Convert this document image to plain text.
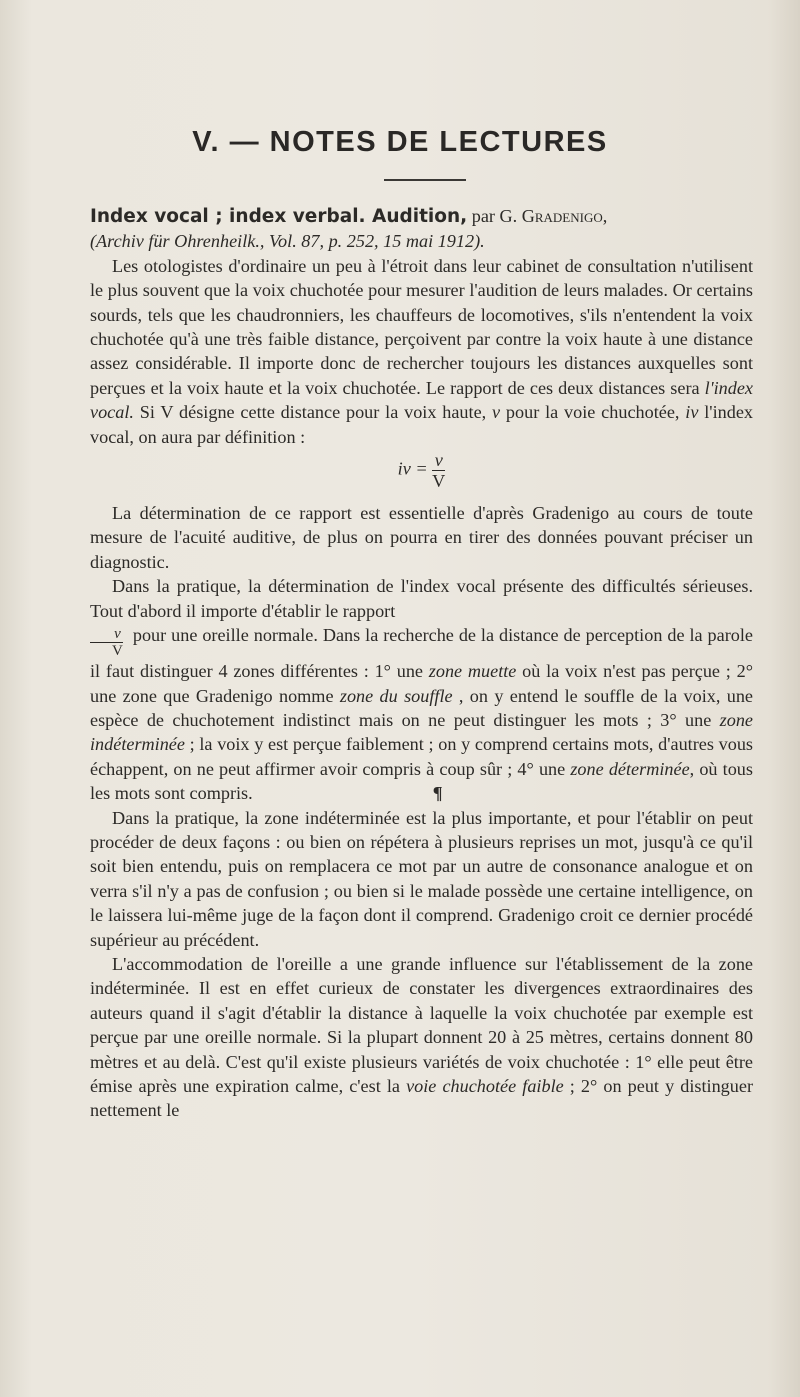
V. — NOTES DE LECTURES

Index vocal ; index verbal. Audition, par G. Gradenigo,
(Archiv für Ohrenheilk., Vol. 87, p. 252, 15 mai 1912).

Les otologistes d'ordinaire un peu à l'étroit dans leur cabinet de consultation n'utilisent le plus souvent que la voix chuchotée pour mesurer l'audition de leurs malades. Or certains sourds, tels que les chaudronniers, les chauffeurs de locomotives, s'ils n'entendent la voix chuchotée qu'à une très faible distance, perçoivent par contre la voix haute à une distance assez considérable. Il importe donc de rechercher toujours les distances auxquelles sont perçues et la voix haute et la voix chuchotée. Le rapport de ces deux distances sera l'index vocal. Si V désigne cette distance pour la voix haute, v pour la voie chuchotée, iv l'index vocal, on aura par définition :

iv = $\frac{v}{V}$

La détermination de ce rapport est essentielle d'après Gradenigo au cours de toute mesure de l'acuité auditive, de plus on pourra en tirer des données pouvant préciser un diagnostic.

Dans la pratique, la détermination de l'index vocal présente des difficultés sérieuses. Tout d'abord il importe d'établir le rapport

$\frac{v}{V}$ pour une oreille normale. Dans la recherche de la distance de perception de la parole il faut distinguer 4 zones différentes : 1° une zone muette où la voix n'est pas perçue ; 2° une zone que Gradenigo nomme zone du souffle , on y entend le souffle de la voix, une espèce de chuchotement indistinct mais on ne peut distinguer les mots ; 3° une zone indéterminée ; la voix y est perçue faiblement ; on y comprend certains mots, d'autres vous échappent, on ne peut affirmer avoir compris à coup sûr ; 4° une zone déterminée, où tous les mots sont compris.	¶

Dans la pratique, la zone indéterminée est la plus importante, et pour l'établir on peut procéder de deux façons : ou bien on répétera à plusieurs reprises un mot, jusqu'à ce qu'il soit bien entendu, puis on remplacera ce mot par un autre de consonance analogue et on verra s'il n'y a pas de confusion ; ou bien si le malade possède une certaine intelligence, on le laissera lui-même juge de la façon dont il comprend. Gradenigo croit ce dernier procédé supérieur au précédent.

L'accommodation de l'oreille a une grande influence sur l'établissement de la zone indéterminée. Il est en effet curieux de constater les divergences extraordinaires des auteurs quand il s'agit d'établir la distance à laquelle la voix chuchotée par exemple est perçue par une oreille normale. Si la plupart donnent 20 à 25 mètres, certains donnent 80 mètres et au delà. C'est qu'il existe plusieurs variétés de voix chuchotée : 1° elle peut être émise après une expiration calme, c'est la voie chuchotée faible ; 2° on peut y distinguer nettement le
